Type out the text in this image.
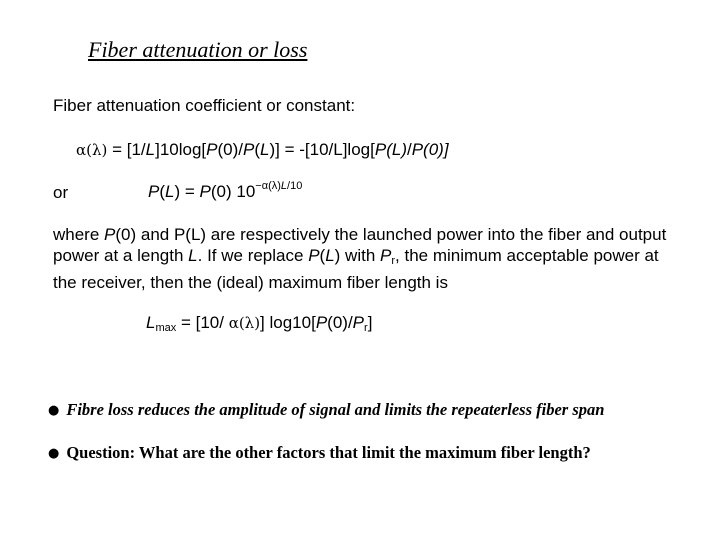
Fiber attenuation or loss
Fiber attenuation coefficient or constant:
α(λ) = [1/L]10log[P(0)/P(L)] = -[10/L]log[P(L)/P(0)]
or	P(L) = P(0) $10^{-\alpha(\lambda)L/10}$
where P(0) and P(L) are respectively the launched power into the fiber and output power at a length L. If we replace P(L) with $P_r$, the minimum acceptable power at the receiver, then the (ideal) maximum fiber length is
$L_{max} = [10/$ α(λ)] $\log 10[P(0)/P_r]$
● Fibre loss reduces the amplitude of signal and limits the repeaterless fiber span
● Question: What are the other factors that limit the maximum fiber length?
